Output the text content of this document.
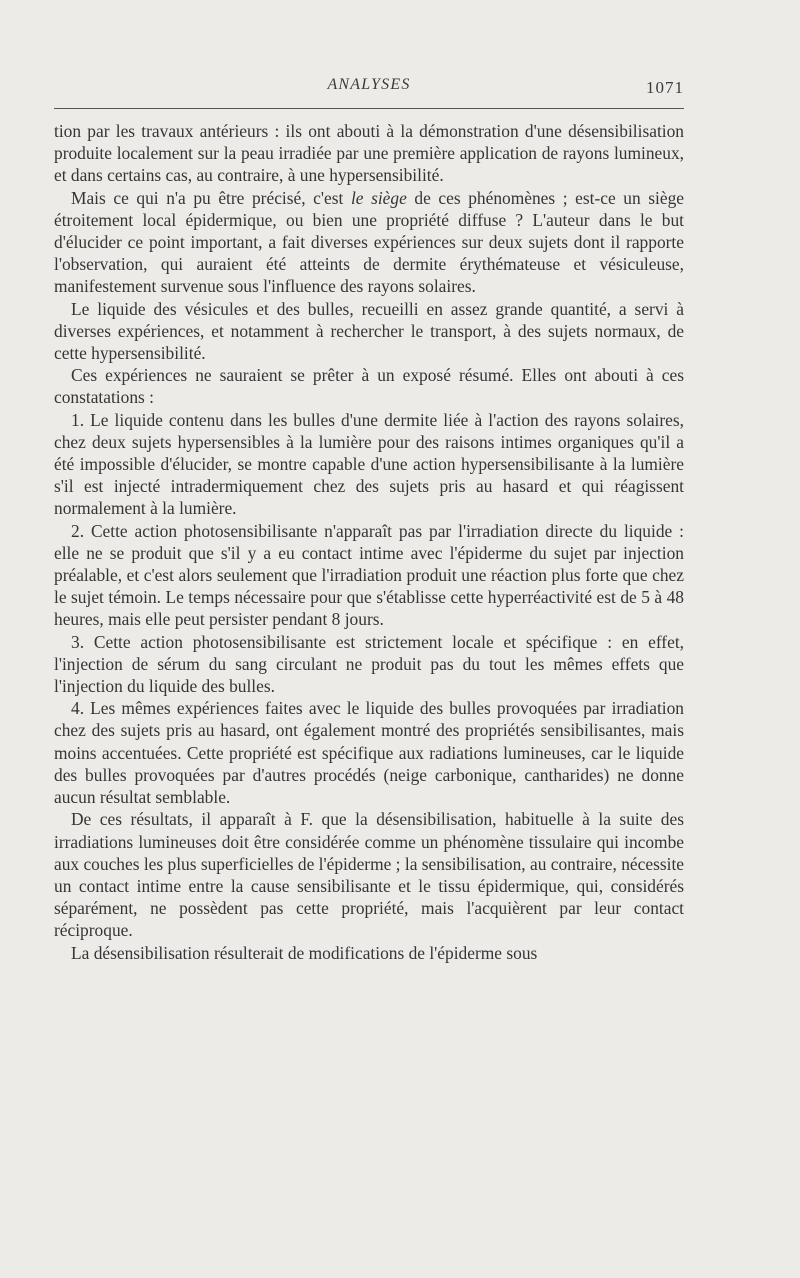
ANALYSES	1071

tion par les travaux antérieurs : ils ont abouti à la démonstration d'une désensibilisation produite localement sur la peau irradiée par une première application de rayons lumineux, et dans certains cas, au contraire, à une hypersensibilité.

Mais ce qui n'a pu être précisé, c'est le siège de ces phénomènes ; est-ce un siège étroitement local épidermique, ou bien une propriété diffuse ? L'auteur dans le but d'élucider ce point important, a fait diverses expériences sur deux sujets dont il rapporte l'observation, qui auraient été atteints de dermite érythémateuse et vésiculeuse, manifestement survenue sous l'influence des rayons solaires.

Le liquide des vésicules et des bulles, recueilli en assez grande quantité, a servi à diverses expériences, et notamment à rechercher le transport, à des sujets normaux, de cette hypersensibilité.

Ces expériences ne sauraient se prêter à un exposé résumé. Elles ont abouti à ces constatations :

1. Le liquide contenu dans les bulles d'une dermite liée à l'action des rayons solaires, chez deux sujets hypersensibles à la lumière pour des raisons intimes organiques qu'il a été impossible d'élucider, se montre capable d'une action hypersensibilisante à la lumière s'il est injecté intradermiquement chez des sujets pris au hasard et qui réagissent normalement à la lumière.

2. Cette action photosensibilisante n'apparaît pas par l'irradiation directe du liquide : elle ne se produit que s'il y a eu contact intime avec l'épiderme du sujet par injection préalable, et c'est alors seulement que l'irradiation produit une réaction plus forte que chez le sujet témoin. Le temps nécessaire pour que s'établisse cette hyperréactivité est de 5 à 48 heures, mais elle peut persister pendant 8 jours.

3. Cette action photosensibilisante est strictement locale et spécifique : en effet, l'injection de sérum du sang circulant ne produit pas du tout les mêmes effets que l'injection du liquide des bulles.

4. Les mêmes expériences faites avec le liquide des bulles provoquées par irradiation chez des sujets pris au hasard, ont également montré des propriétés sensibilisantes, mais moins accentuées. Cette propriété est spécifique aux radiations lumineuses, car le liquide des bulles provoquées par d'autres procédés (neige carbonique, cantharides) ne donne aucun résultat semblable.

De ces résultats, il apparaît à F. que la désensibilisation, habituelle à la suite des irradiations lumineuses doit être considérée comme un phénomène tissulaire qui incombe aux couches les plus superficielles de l'épiderme ; la sensibilisation, au contraire, nécessite un contact intime entre la cause sensibilisante et le tissu épidermique, qui, considérés séparément, ne possèdent pas cette propriété, mais l'acquièrent par leur contact réciproque.

La désensibilisation résulterait de modifications de l'épiderme sous
